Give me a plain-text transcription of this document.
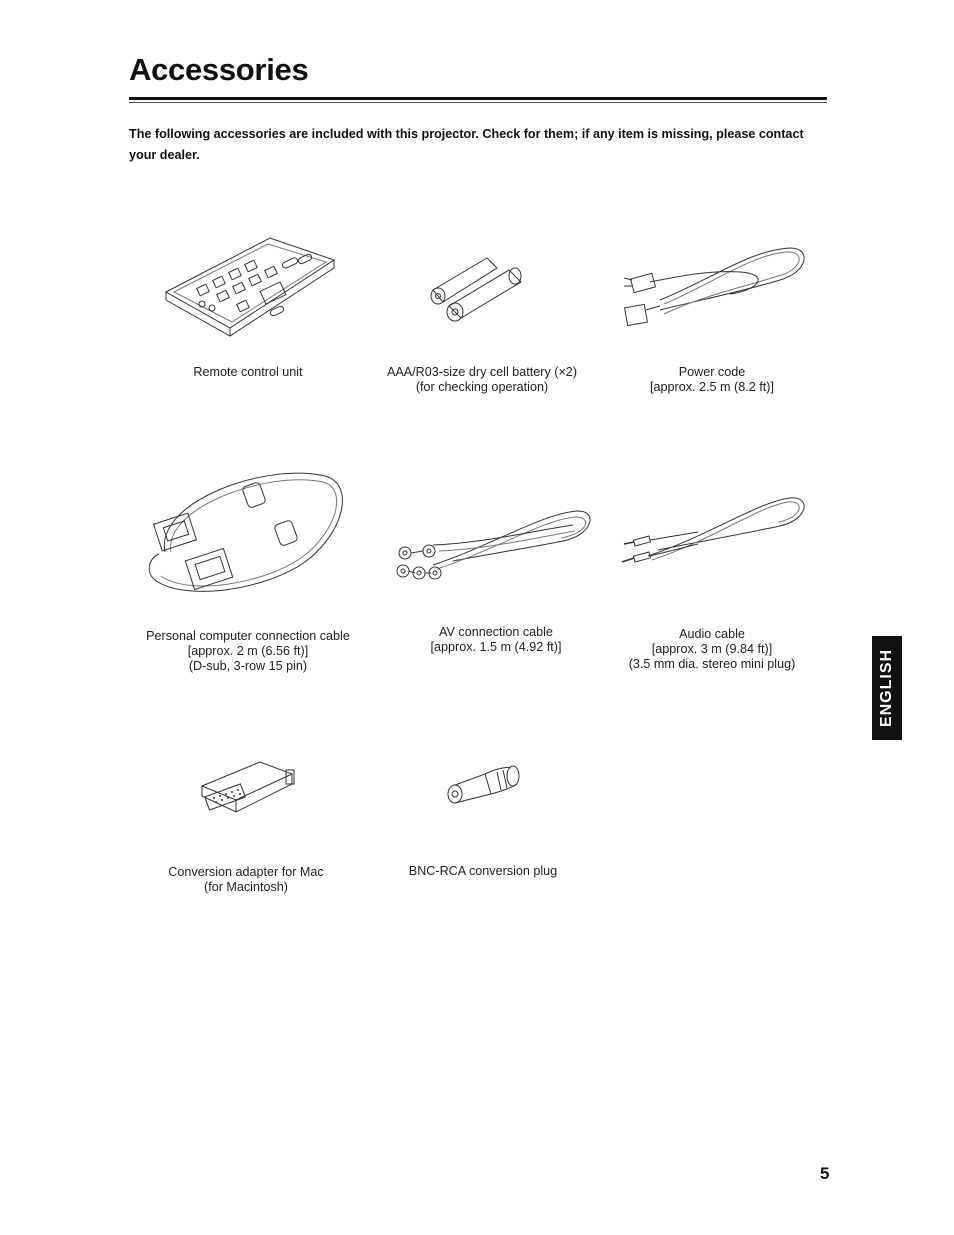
Accessories
The following accessories are included with this projector. Check for them; if any item is missing, please contact your dealer.
Remote control unit	AAA/R03-size dry cell battery (×2)
(for checking operation)
Power code
[approx. 2.5 m (8.2 ft)]
Personal computer connection cable
[approx. 2 m (6.56 ft)]
(D-sub, 3-row 15 pin)
AV connection cable
[approx. 1.5 m (4.92 ft)]
Audio cable
[approx. 3 m (9.84 ft)]
(3.5 mm dia. stereo mini plug)
Conversion adapter for Mac
(for Macintosh)
BNC-RCA conversion plug
ENGLISH
5
